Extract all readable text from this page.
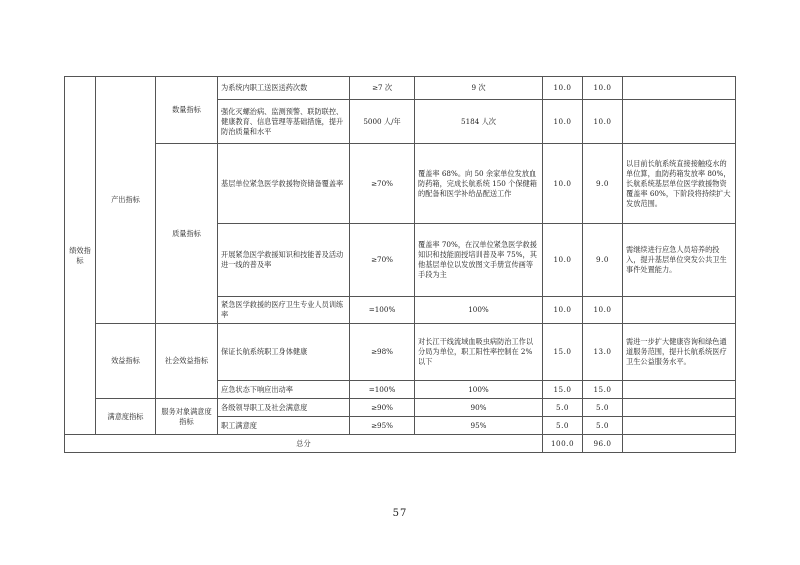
绩效指标	产出指标	数量指标	为系统内职工送医送药次数	≥7 次	9 次	10.0	10.0	
			强化灭螺治病、监测预警、联防联控、健康教育、信息管理等基础措施，提升防治质量和水平	5000 人/年	5184 人次	10.0	10.0	
		质量指标	基层单位紧急医学救援物资储备覆盖率	≥70%	覆盖率 68%。向 50 余家单位发放血防药箱，完成长航系统 150 个保健箱的配备和医学补给品配送工作	10.0	9.0	以目前长航系统直接接触疫水的单位算，血防药箱发放率 80%，长航系统基层单位医学救援物资覆盖率 60%，下阶段将持续扩大发放范围。
			开展紧急医学救援知识和技能普及活动进一线的普及率	≥70%	覆盖率 70%，在汉单位紧急医学救援知识和技能面授培训普及率 75%，其他基层单位以发放图文手册宣传画等手段为主	10.0	9.0	需继续进行应急人员培养的投入，提升基层单位突发公共卫生事件处置能力。
			紧急医学救援的医疗卫生专业人员训练率	=100%	100%	10.0	10.0	
	效益指标	社会效益指标	保证长航系统职工身体健康	≥98%	对长江干线流域血吸虫病防治工作以分局为单位，职工阳性率控制在 2%以下	15.0	13.0	需进一步扩大健康咨询和绿色通道服务范围，提升长航系统医疗卫生公益服务水平。
			应急状态下响应出动率	=100%	100%	15.0	15.0	
	满意度指标	服务对象满意度指标	各级领导职工及社会满意度	≥90%	90%	5.0	5.0	
			职工满意度	≥95%	95%	5.0	5.0	
总分						100.0	96.0	
57
